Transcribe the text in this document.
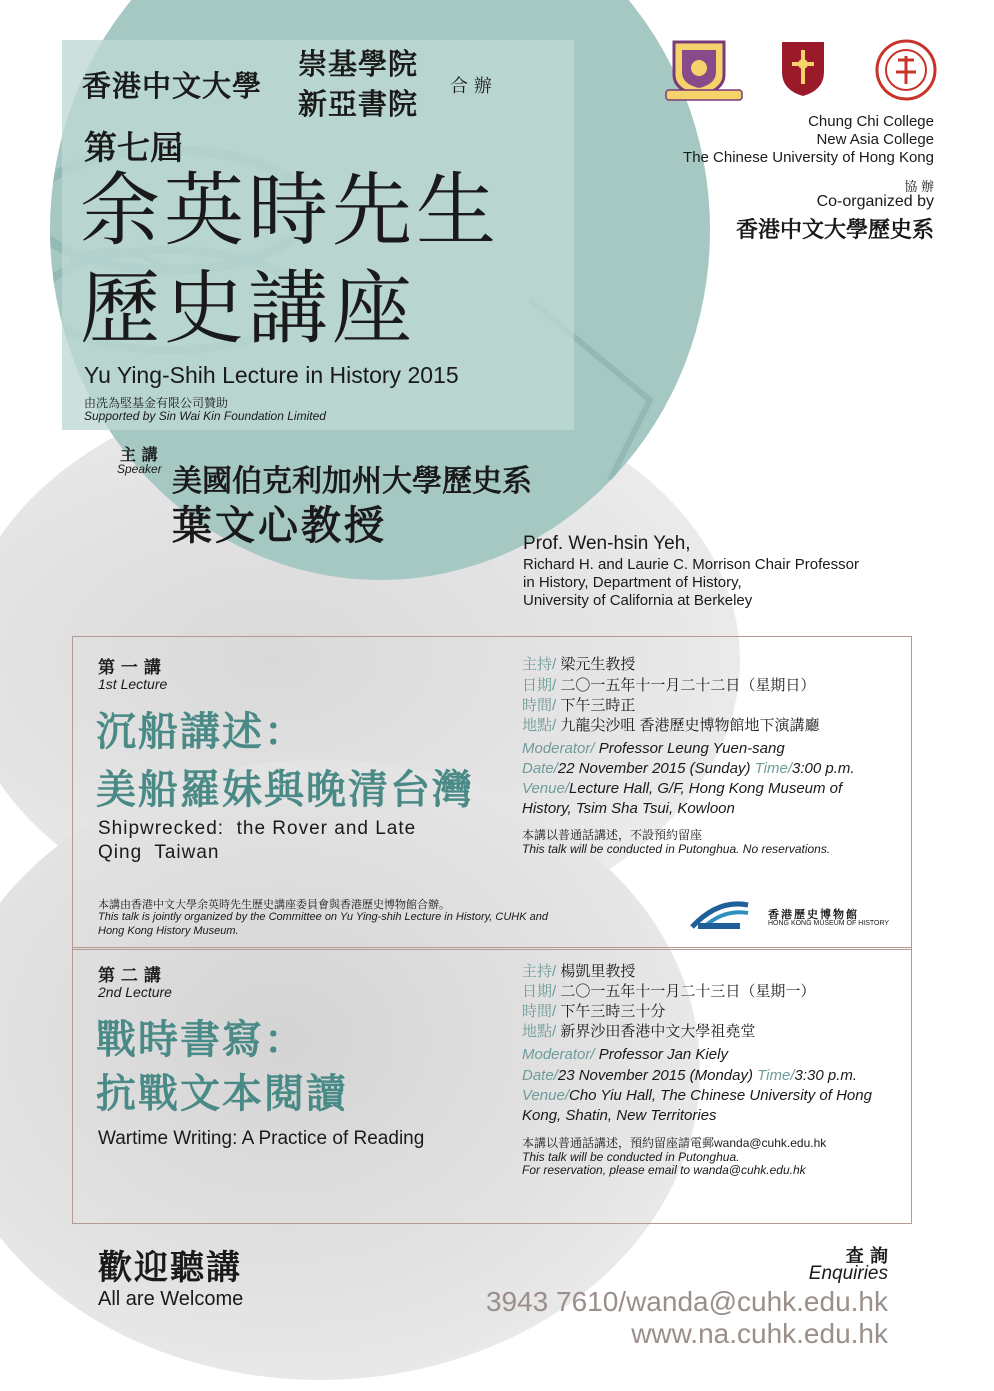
香港中文大學
崇基學院
新亞書院
合 辦
第七屆
余英時先生
歷史講座
Yu Ying-Shih Lecture in History 2015
由冼為堅基金有限公司贊助
Supported by Sin Wai Kin Foundation Limited
主 講
Speaker 美國伯克利加州大學歷史系
葉文心教授	Prof. Wen-hsin Yeh,
Richard H. and Laurie C. Morrison Chair Professor
in History, Department of History,
University of California at Berkeley
Chung Chi College
New Asia College
The Chinese University of Hong Kong
協 辦
Co-organized by
香港中文大學歷史系
第 一 講
1st Lecture
沉船講述：
美船羅妹與晚清台灣
Shipwrecked:  the Rover and Late
Qing  Taiwan
主持/ 梁元生教授
日期/ 二〇一五年十一月二十二日（星期日）
時間/ 下午三時正
地點/ 九龍尖沙咀 香港歷史博物館地下演講廳
Moderator/ Professor Leung Yuen-sang
Date/22 November 2015 (Sunday) Time/3:00 p.m.
Venue/Lecture Hall, G/F, Hong Kong Museum of
History, Tsim Sha Tsui, Kowloon
本講以普通話講述，不設預約留座
This talk will be conducted in Putonghua. No reservations.
本講由香港中文大學余英時先生歷史講座委員會與香港歷史博物館合辦。
This talk is jointly organized by the Committee on Yu Ying-shih Lecture in History, CUHK and
Hong Kong History Museum.
香港歷史博物館
HONG KONG MUSEUM OF HISTORY
第 二 講
2nd Lecture
戰時書寫：
抗戰文本閱讀
Wartime Writing: A Practice of Reading
主持/ 楊凱里教授
日期/ 二〇一五年十一月二十三日（星期一）
時間/ 下午三時三十分
地點/ 新界沙田香港中文大學祖堯堂
Moderator/ Professor Jan Kiely
Date/23 November 2015 (Monday) Time/3:30 p.m.
Venue/Cho Yiu Hall, The Chinese University of Hong
Kong, Shatin, New Territories
本講以普通話講述，預約留座請電郵wanda@cuhk.edu.hk
This talk will be conducted in Putonghua.
For reservation, please email to wanda@cuhk.edu.hk
歡迎聽講
All are Welcome
查 詢
Enquiries
3943 7610/wanda@cuhk.edu.hk
www.na.cuhk.edu.hk
